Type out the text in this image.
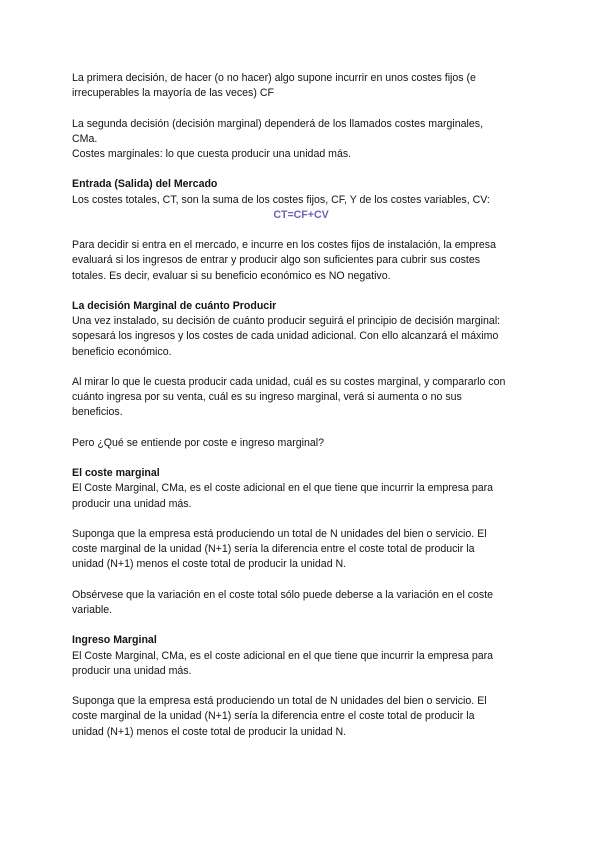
La primera decisión, de hacer (o no hacer) algo supone incurrir en unos costes fijos (e
irrecuperables la mayoría de las veces) CF

La segunda decisión (decisión marginal) dependerá de los llamados costes marginales,
CMa.
Costes marginales: lo que cuesta producir una unidad más.

Entrada (Salida) del Mercado
Los costes totales, CT, son la suma de los costes fijos, CF, Y de los costes variables, CV:
CT=CF+CV

Para decidir si entra en el mercado, e incurre en los costes fijos de instalación, la empresa
evaluará si los ingresos de entrar y producir algo son suficientes para cubrir sus costes
totales. Es decir, evaluar si su beneficio económico es NO negativo.

La decisión Marginal de cuánto Producir
Una vez instalado, su decisión de cuánto producir seguirá el principio de decisión marginal:
sopesará los ingresos y los costes de cada unidad adicional. Con ello alcanzará el máximo
beneficio económico.

Al mirar lo que le cuesta producir cada unidad, cuál es su costes marginal, y compararlo con
cuánto ingresa por su venta, cuál es su ingreso marginal, verá si aumenta o no sus
beneficios.

Pero ¿Qué se entiende por coste e ingreso marginal?

El coste marginal
El Coste Marginal, CMa, es el coste adicional en el que tiene que incurrir la empresa para
producir una unidad más.

Suponga que la empresa está produciendo un total de N unidades del bien o servicio. El
coste marginal de la unidad (N+1) sería la diferencia entre el coste total de producir la
unidad (N+1) menos el coste total de producir la unidad N.

Obsérvese que la variación en el coste total sólo puede deberse a la variación en el coste
variable.

Ingreso Marginal
El Coste Marginal, CMa, es el coste adicional en el que tiene que incurrir la empresa para
producir una unidad más.

Suponga que la empresa está produciendo un total de N unidades del bien o servicio. El
coste marginal de la unidad (N+1) sería la diferencia entre el coste total de producir la
unidad (N+1) menos el coste total de producir la unidad N.
